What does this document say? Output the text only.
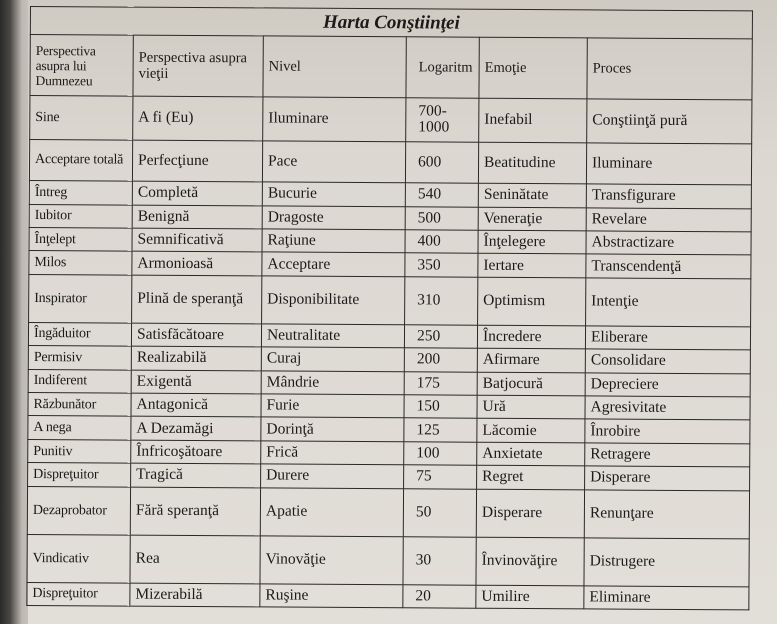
Harta Conştiinţei					
Perspectiva asupra lui Dumnezeu	Perspectiva asupra vieţii	Nivel	Logaritm	Emoţie	Proces
Sine	A fi (Eu)	Iluminare	700-1000	Inefabil	Conştiinţă pură
Acceptare totală	Perfecţiune	Pace	600	Beatitudine	Iluminare
Întreg	Completă	Bucurie	540	Seninătate	Transfigurare
Iubitor	Benignă	Dragoste	500	Veneraţie	Revelare
Înţelept	Semnificativă	Raţiune	400	Înţelegere	Abstractizare
Milos	Armonioasă	Acceptare	350	Iertare	Transcendenţă
Inspirator	Plină de speranţă	Disponibilitate	310	Optimism	Intenţie
Îngăduitor	Satisfăcătoare	Neutralitate	250	Încredere	Eliberare
Permisiv	Realizabilă	Curaj	200	Afirmare	Consolidare
Indiferent	Exigentă	Mândrie	175	Batjocură	Depreciere
Răzbunător	Antagonică	Furie	150	Ură	Agresivitate
A nega	A Dezamăgi	Dorinţă	125	Lăcomie	Înrobire
Punitiv	Înfricoşătoare	Frică	100	Anxietate	Retragere
Dispreţuitor	Tragică	Durere	75	Regret	Disperare
Dezaprobator	Fără speranţă	Apatie	50	Disperare	Renunţare
Vindicativ	Rea	Vinovăţie	30	Învinovăţire	Distrugere
Dispreţuitor	Mizerabilă	Ruşine	20	Umilire	Eliminare
